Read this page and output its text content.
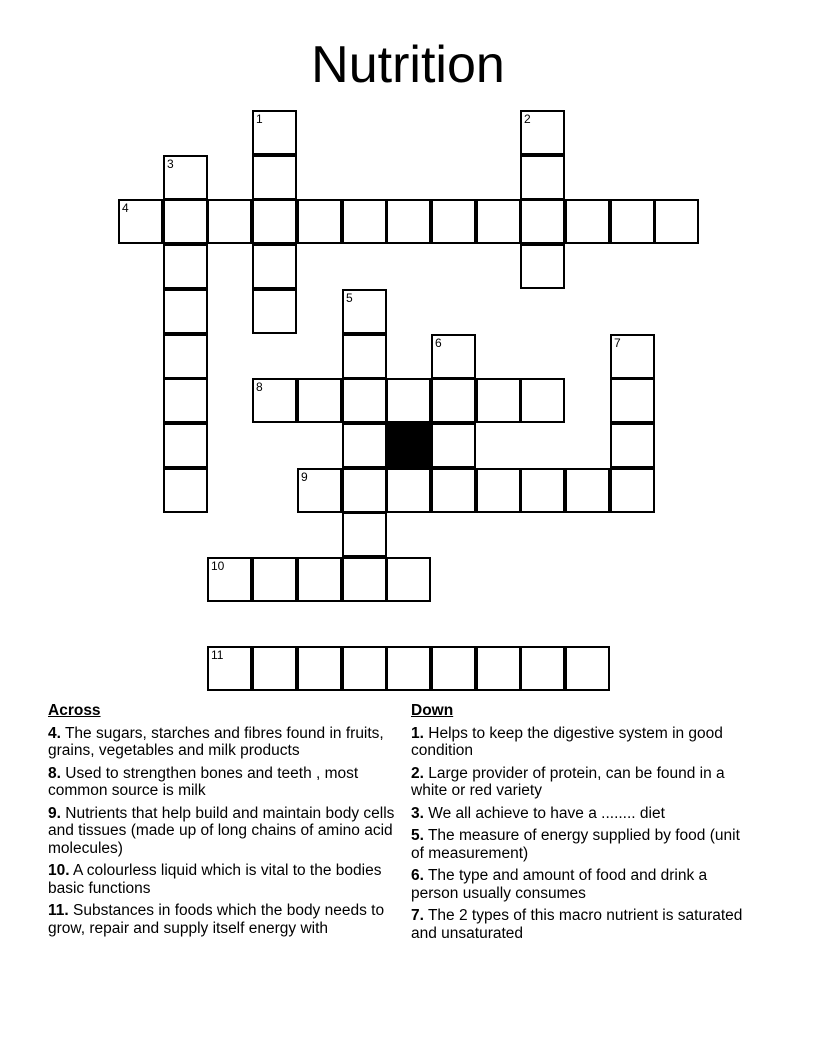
Nutrition
1	2
3
4
5
6	7
8
9
10
11
Across
4. The sugars, starches and fibres found in fruits, grains, vegetables and milk products
8. Used to strengthen bones and teeth , most common source is milk
9. Nutrients that help build and maintain body cells and tissues (made up of long chains of amino acid molecules)
10. A colourless liquid which is vital to the bodies basic functions
11. Substances in foods which the body needs to grow, repair and supply itself energy with
Down
1. Helps to keep the digestive system in good condition
2. Large provider of protein, can be found in a white or red variety
3. We all achieve to have a ........ diet
5. The measure of energy supplied by food (unit of measurement)
6. The type and amount of food and drink a person usually consumes
7. The 2 types of this macro nutrient is saturated and unsaturated
